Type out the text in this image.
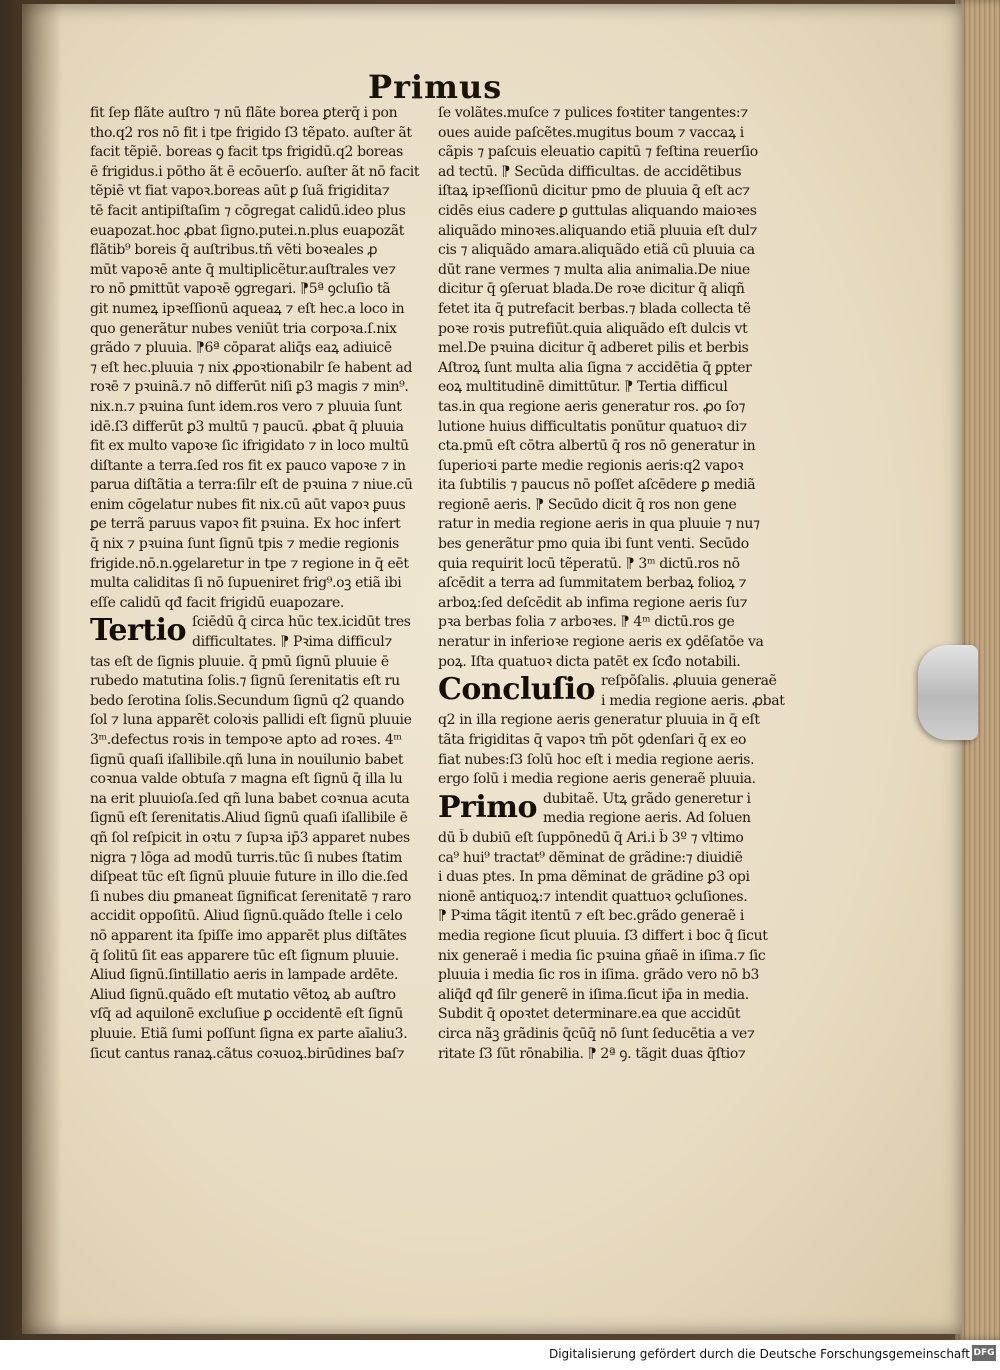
Primus
fit ſep flãte auſtro ⁊ nū flãte borea ꝑterq̄ i pon
tho.q2 ros nō fit i tpe frigido ſ3 tẽpato. auſter ãt
facit tẽpiē. boreas ꝯ facit tps frigidū.q2 boreas
ē frigidus.i pōtho ãt ē ecōuerſo. auſter ãt nō facit
tẽpiē vt fiat vapoꝛ.boreas aūt ꝑ ſuã frigidita⁊
tē facit antipiſtaſim ⁊ cōgregat calidū.ideo plus
euapozat.hoc ꝓbat ſigno.putei.n.plus euapozãt
flãtib⁹ boreis q̄ auſtribus.tñ vẽti boꝛeales ꝓ
mūt vapoꝛē ante q̄ multiplicẽtur.auſtrales ve⁊
ro nō ꝑmittūt vapoꝛē ꝯgregari. ⁋5ª ꝯcluſio tã
git numeꝝ ipꝛeſſionū aqueaꝝ ⁊ eſt hec.a loco in
quo generãtur nubes veniūt tria corpoꝛa.ſ.nix
grãdo ⁊ pluuia. ⁋6ª cōparat aliq̄s eaꝝ adiuicē
⁊ eſt hec.pluuia ⁊ nix ꝓpoꝛtionabilr ſe habent ad
roꝛē ⁊ pꝛuinã.⁊ nō differūt niſi ꝑ3 magis ⁊ min⁹.
nix.n.⁊ pꝛuina ſunt idem.ros vero ⁊ pluuia ſunt
idē.ſ3 differūt ꝑ3 multū ⁊ paucū. ꝓbat q̄ pluuia
fit ex multo vapoꝛe ſic ifrigidato ⁊ in loco multū
diſtante a terra.ſed ros fit ex pauco vapoꝛe ⁊ in
parua diſtãtia a terra:ſilr eſt de pꝛuina ⁊ niue.cū
enim cōgelatur nubes fit nix.cū aūt vapoꝛ ꝑuus
ꝑe terrã paruus vapoꝛ fit pꝛuina. Ex hoc infert
q̄ nix ⁊ pꝛuina ſunt ſignū tpis ⁊ medie regionis
frigide.nō.n.ꝯgelaretur in tpe ⁊ regione in q̄ eēt
multa caliditas ſi nō ſupueniret frig⁹.oꝫ etiã ibi
eſſe calidū qđ facit frigidū euapozare.
Tertio ſciēdū q̄ circa hūc tex.icidūt tres
difficultates. ⁋ Pꝛima difficul⁊
tas eſt de ſignis pluuie. q̄ pmū ſignū pluuie ē
rubedo matutina ſolis.⁊ ſignū ſerenitatis eſt ru
bedo ſerotina ſolis.Secundum ſignū q2 quando
ſol ⁊ luna apparẽt coloꝛis pallidi eſt ſignū pluuie
3ᵐ.defectus roꝛis in tempoꝛe apto ad roꝛes. 4ᵐ
ſignū quaſi iſallibile.qñ luna in nouilunio babet
coꝛnua valde obtuſa ⁊ magna eſt ſignū q̄ illa lu
na erit pluuioſa.ſed qñ luna babet coꝛnua acuta
ſignū eſt ſerenitatis.Aliud ſignū quaſi iſallibile ē
qñ ſol reſpicit in oꝛtu ⁊ ſupꝛa ip̄3 apparet nubes
nigra ⁊ lōga ad modū turris.tūc ſi nubes ſtatim
diſpeat tūc eſt ſignū pluuie future in illo die.ſed
ſi nubes diu ꝑmaneat ſignificat ſerenitatē ⁊ raro
accidit oppoſitū. Aliud ſignū.quãdo ſtelle i celo
nō apparent ita ſpiſſe imo apparēt plus diſtãtes
q̄ ſolitū ſit eas apparere tūc eſt ſignum pluuie.
Aliud ſignū.ſintillatio aeris in lampade ardēte.
Aliud ſignū.quãdo eſt mutatio vẽtoꝝ ab auſtro
vſq̄ ad aquilonē excluſiue ꝑ occidentē eſt ſignū
pluuie. Etiã ſumi poſſunt ſigna ex parte aīaliu3.
ſicut cantus ranaꝝ.cãtus coꝛuoꝝ.birūdines baſ⁊
ſe volãtes.muſce ⁊ pulices foꝛtiter tangentes:⁊
oues auide paſcẽtes.mugitus boum ⁊ vaccaꝝ i
cãpis ⁊ paſcuis eleuatio capitū ⁊ feſtina reuerſio
ad tectū. ⁋ Secūda difficultas. de accidẽtibus
iſtaꝝ ipꝛeſſionū dicitur pmo de pluuia q̄ eſt ac⁊
cidēs eius cadere ꝑ guttulas aliquando maioꝛes
aliquãdo minoꝛes.aliquando etiã pluuia eſt dul⁊
cis ⁊ aliquãdo amara.aliquãdo etiã cū pluuia ca
dūt rane vermes ⁊ multa alia animalia.De niue
dicitur q̄ ꝯſeruat blada.De roꝛe dicitur q̄ aliqñ
fetet ita q̄ putrefacit berbas.⁊ blada collecta tẽ
poꝛe roꝛis putrefiūt.quia aliquãdo eſt dulcis vt
mel.De pꝛuina dicitur q̄ adberet pilis et berbis
Aſtroꝝ ſunt multa alia ſigna ⁊ accidētia q̄ ꝑpter
eoꝝ multitudinē dimittūtur. ⁋ Tertia difficul
tas.in qua regione aeris generatur ros. ꝓo ſo⁊
lutione huius difficultatis ponūtur quatuoꝛ di⁊
cta.pmū eſt cōtra albertū q̄ ros nō generatur in
ſuperioꝛi parte medie regionis aeris:q2 vapoꝛ
ita ſubtilis ⁊ paucus nō poſſet aſcēdere ꝑ mediã
regionē aeris. ⁋ Secūdo dicit q̄ ros non gene
ratur in media regione aeris in qua pluuie ⁊ nu⁊
bes generãtur pmo quia ibi ſunt venti. Secūdo
quia requirit locū tẽperatū. ⁋ 3ᵐ dictū.ros nō
aſcēdit a terra ad ſummitatem berbaꝝ folioꝝ ⁊
arboꝝ:ſed deſcēdit ab infima regione aeris ſu⁊
pꝛa berbas folia ⁊ arboꝛes. ⁋ 4ᵐ dictū.ros ge
neratur in inferioꝛe regione aeris ex ꝯdēſatōe va
poꝝ. Iſta quatuoꝛ dicta patēt ex ſcđo notabili.
Concluſio reſpōſalis. ꝓluuia generaẽ
i media regione aeris. ꝓbat
q2 in illa regione aeris generatur pluuia in q̄ eſt
tãta frigiditas q̄ vapoꝛ tm̄ pōt ꝯdenſari q̄ ex eo
fiat nubes:ſ3 ſolū hoc eſt i media regione aeris.
ergo ſolū i media regione aeris generaẽ pluuia.
Primo dubitaẽ. Utꝝ grãdo generetur i
media regione aeris. Ad ſoluen
dū b̄ dubiū eſt ſuppōnedū q̄ Ari.i b̄ 3º ⁊ vltimo
ca⁹ hui⁹ tractat⁹ dẽminat de grãdine:⁊ diuidiẽ
i duas ptes. In pma dẽminat de grãdine ꝑ3 opi
nionē antiquoꝝ:⁊ intendit quattuoꝛ ꝯcluſiones.
⁋ Pꝛima tãgit itentū ⁊ eſt bec.grãdo generaẽ i
media regione ſicut pluuia. ſ3 differt i boc q̄ ſicut
nix generaẽ i media ſic pꝛuina gñaẽ in iſima.⁊ ſic
pluuia i media ſic ros in iſima. grãdo vero nō b3
aliq̄đ qđ ſilr generẽ in iſima.ſicut ip̄a in media.
Subdit q̄ opoꝛtet determinare.ea que accidūt
circa nãꝫ grãdinis q̄cūq̄ nō ſunt ſeducētia a ve⁊
ritate ſ3 ſūt rōnabilia. ⁋ 2ª ꝯ. tãgit duas q̄ſtio⁊
Digitalisierung gefördert durch die Deutsche Forschungsgemeinschaft DFG
